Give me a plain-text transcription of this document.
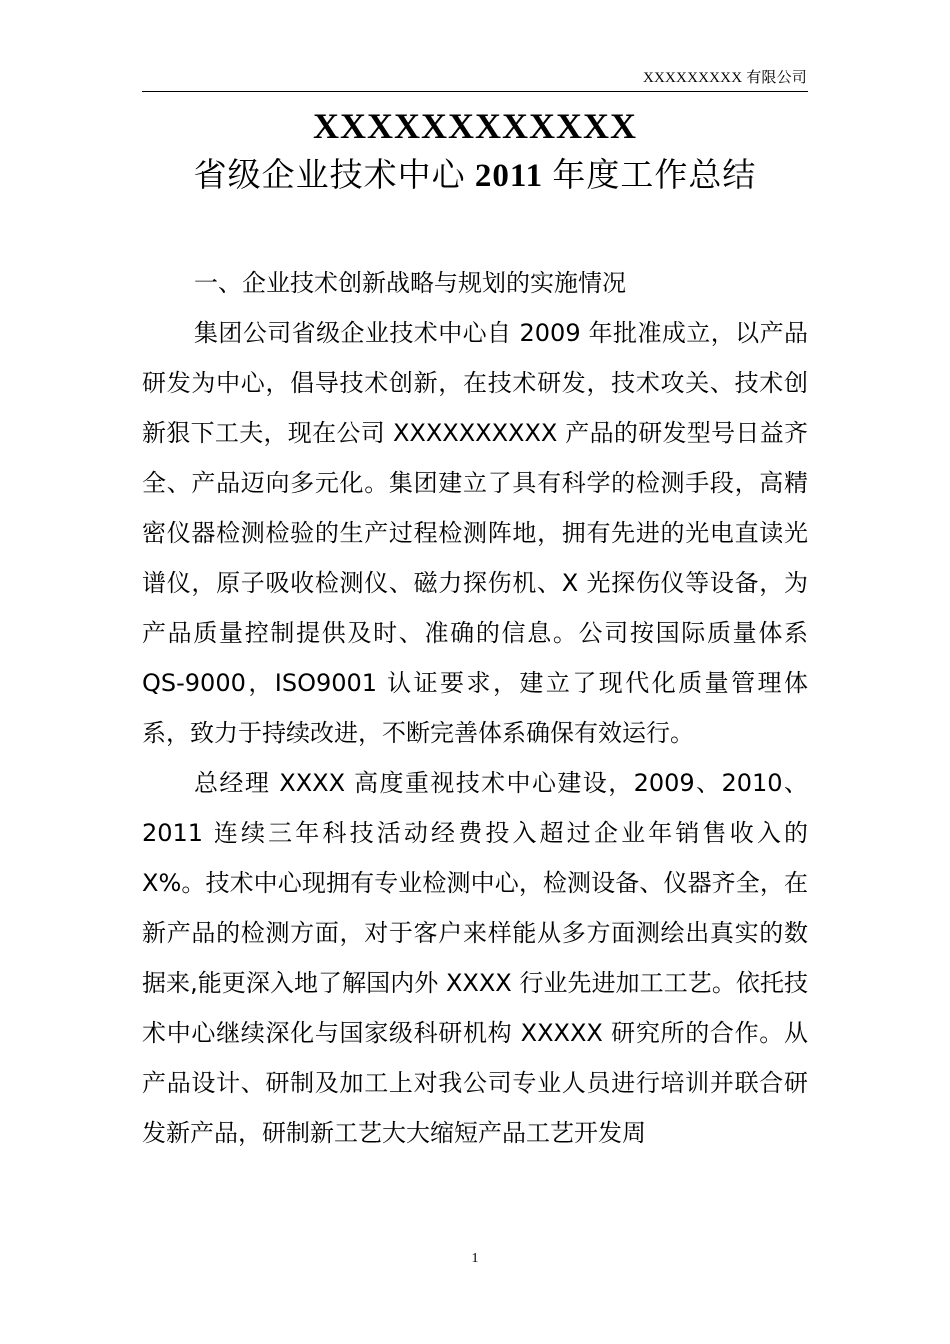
XXXXXXXXX 有限公司
XXXXXXXXXXXX
省级企业技术中心 2011 年度工作总结
一、企业技术创新战略与规划的实施情况

集团公司省级企业技术中心自 2009 年批准成立，以产品研发为中心，倡导技术创新，在技术研发，技术攻关、技术创新狠下工夫，现在公司 XXXXXXXXXX 产品的研发型号日益齐全、产品迈向多元化。集团建立了具有科学的检测手段，高精密仪器检测检验的生产过程检测阵地，拥有先进的光电直读光谱仪，原子吸收检测仪、磁力探伤机、X 光探伤仪等设备，为产品质量控制提供及时、准确的信息。公司按国际质量体系 QS-9000，ISO9001 认证要求，建立了现代化质量管理体系，致力于持续改进，不断完善体系确保有效运行。

总经理 XXXX 高度重视技术中心建设，2009、2010、2011 连续三年科技活动经费投入超过企业年销售收入的 X%。技术中心现拥有专业检测中心，检测设备、仪器齐全，在新产品的检测方面，对于客户来样能从多方面测绘出真实的数据来,能更深入地了解国内外 XXXX 行业先进加工工艺。依托技术中心继续深化与国家级科研机构 XXXXX 研究所的合作。从产品设计、研制及加工上对我公司专业人员进行培训并联合研发新产品，研制新工艺大大缩短产品工艺开发周

1
